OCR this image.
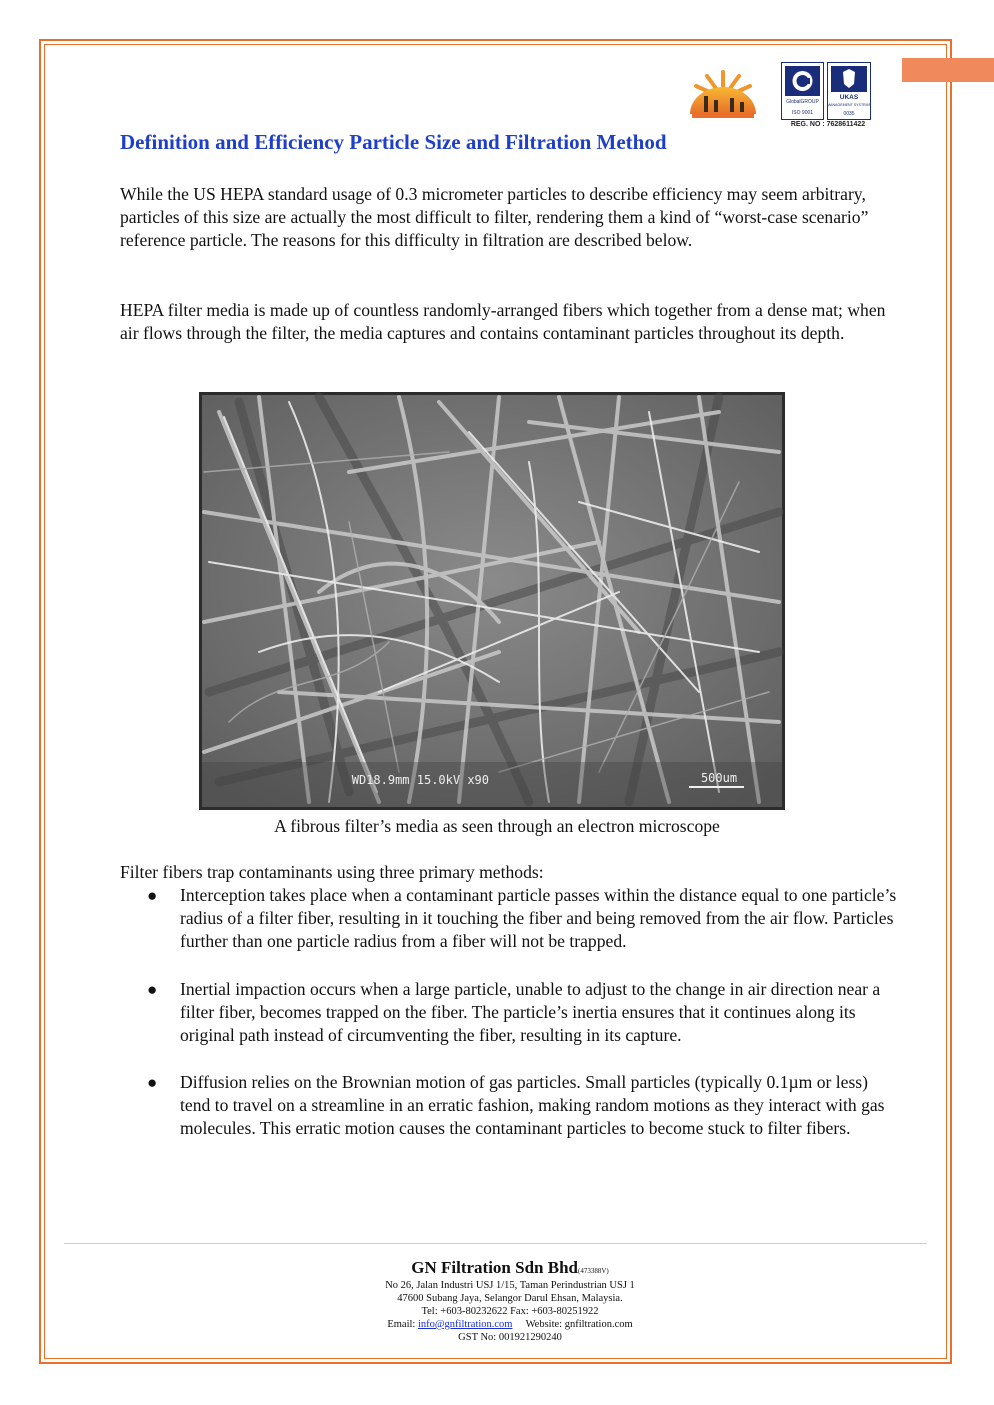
GlobalGROUP
ISO 9001
UKAS
MANAGEMENT SYSTEMS
0035
REG. NO : 7628611422
Definition and Efficiency Particle Size and Filtration Method

While the US HEPA standard usage of 0.3 micrometer particles to describe efficiency may seem arbitrary, particles of this size are actually the most difficult to filter, rendering them a kind of “worst-case scenario” reference particle. The reasons for this difficulty in filtration are described below.

HEPA filter media is made up of countless randomly-arranged fibers which together from a dense mat; when air flows through the filter, the media captures and contains contaminant particles throughout its depth.

WD18.9mm 15.0kV x90	500um

A fibrous filter’s media as seen through an electron microscope

Filter fibers trap contaminants using three primary methods:

● Interception takes place when a contaminant particle passes within the distance equal to one particle’s radius of a filter fiber, resulting in it touching the fiber and being removed from the air flow. Particles further than one particle radius from a fiber will not be trapped.
● Inertial impaction occurs when a large particle, unable to adjust to the change in air direction near a filter fiber, becomes trapped on the fiber. The particle’s inertia ensures that it continues along its original path instead of circumventing the fiber, resulting in its capture.
● Diffusion relies on the Brownian motion of gas particles. Small particles (typically 0.1µm or less) tend to travel on a streamline in an erratic fashion, making random motions as they interact with gas molecules. This erratic motion causes the contaminant particles to become stuck to filter fibers.
GN Filtration Sdn Bhd(473388V)
No 26, Jalan Industri USJ 1/15, Taman Perindustrian USJ 1
47600 Subang Jaya, Selangor Darul Ehsan, Malaysia.
Tel: +603-80232622 Fax: +603-80251922
Email: info@gnfiltration.com Website: gnfiltration.com
GST No: 001921290240
